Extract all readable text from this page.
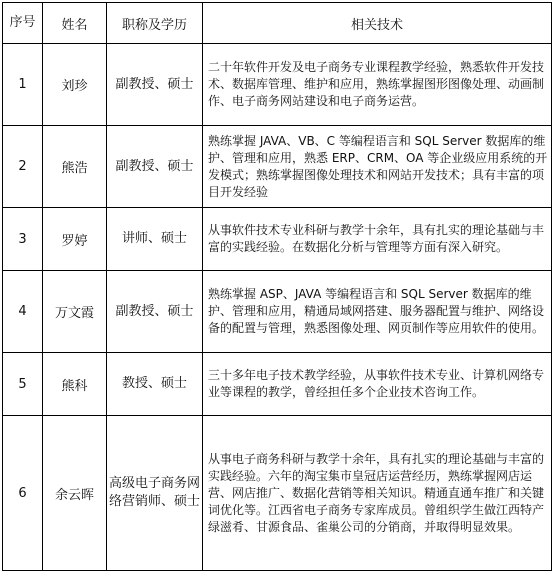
序号	姓名	职称及学历	相关技术
1	刘珍	副教授、硕士	二十年软件开发及电子商务专业课程教学经验，熟悉软件开发技术、数据库管理、维护和应用，熟练掌握图形图像处理、动画制作、电子商务网站建设和电子商务运营。
2	熊浩	副教授、硕士	熟练掌握 JAVA、VB、C 等编程语言和 SQL Server 数据库的维护、管理和应用，熟悉 ERP、CRM、OA 等企业级应用系统的开发模式；熟练掌握图像处理技术和网站开发技术；具有丰富的项目开发经验
3	罗婷	讲师、硕士	从事软件技术专业科研与教学十余年，具有扎实的理论基础与丰富的实践经验。在数据化分析与管理等方面有深入研究。
4	万文霞	副教授、硕士	熟练掌握 ASP、JAVA 等编程语言和 SQL Server 数据库的维护、管理和应用，精通局域网搭建、服务器配置与维护、网络设备的配置与管理，熟悉图像处理、网页制作等应用软件的使用。
5	熊科	教授、硕士	三十多年电子技术教学经验，从事软件技术专业、计算机网络专业等课程的教学，曾经担任多个企业技术咨询工作。
6	余云晖	高级电子商务网络营销师、硕士	从事电子商务科研与教学十余年，具有扎实的理论基础与丰富的实践经验。六年的淘宝集市皇冠店运营经历，熟练掌握网店运营、网店推广、数据化营销等相关知识。精通直通车推广和关键词优化等。江西省电子商务专家库成员。曾组织学生做江西特产绿滋肴、甘源食品、雀巢公司的分销商，并取得明显效果。
